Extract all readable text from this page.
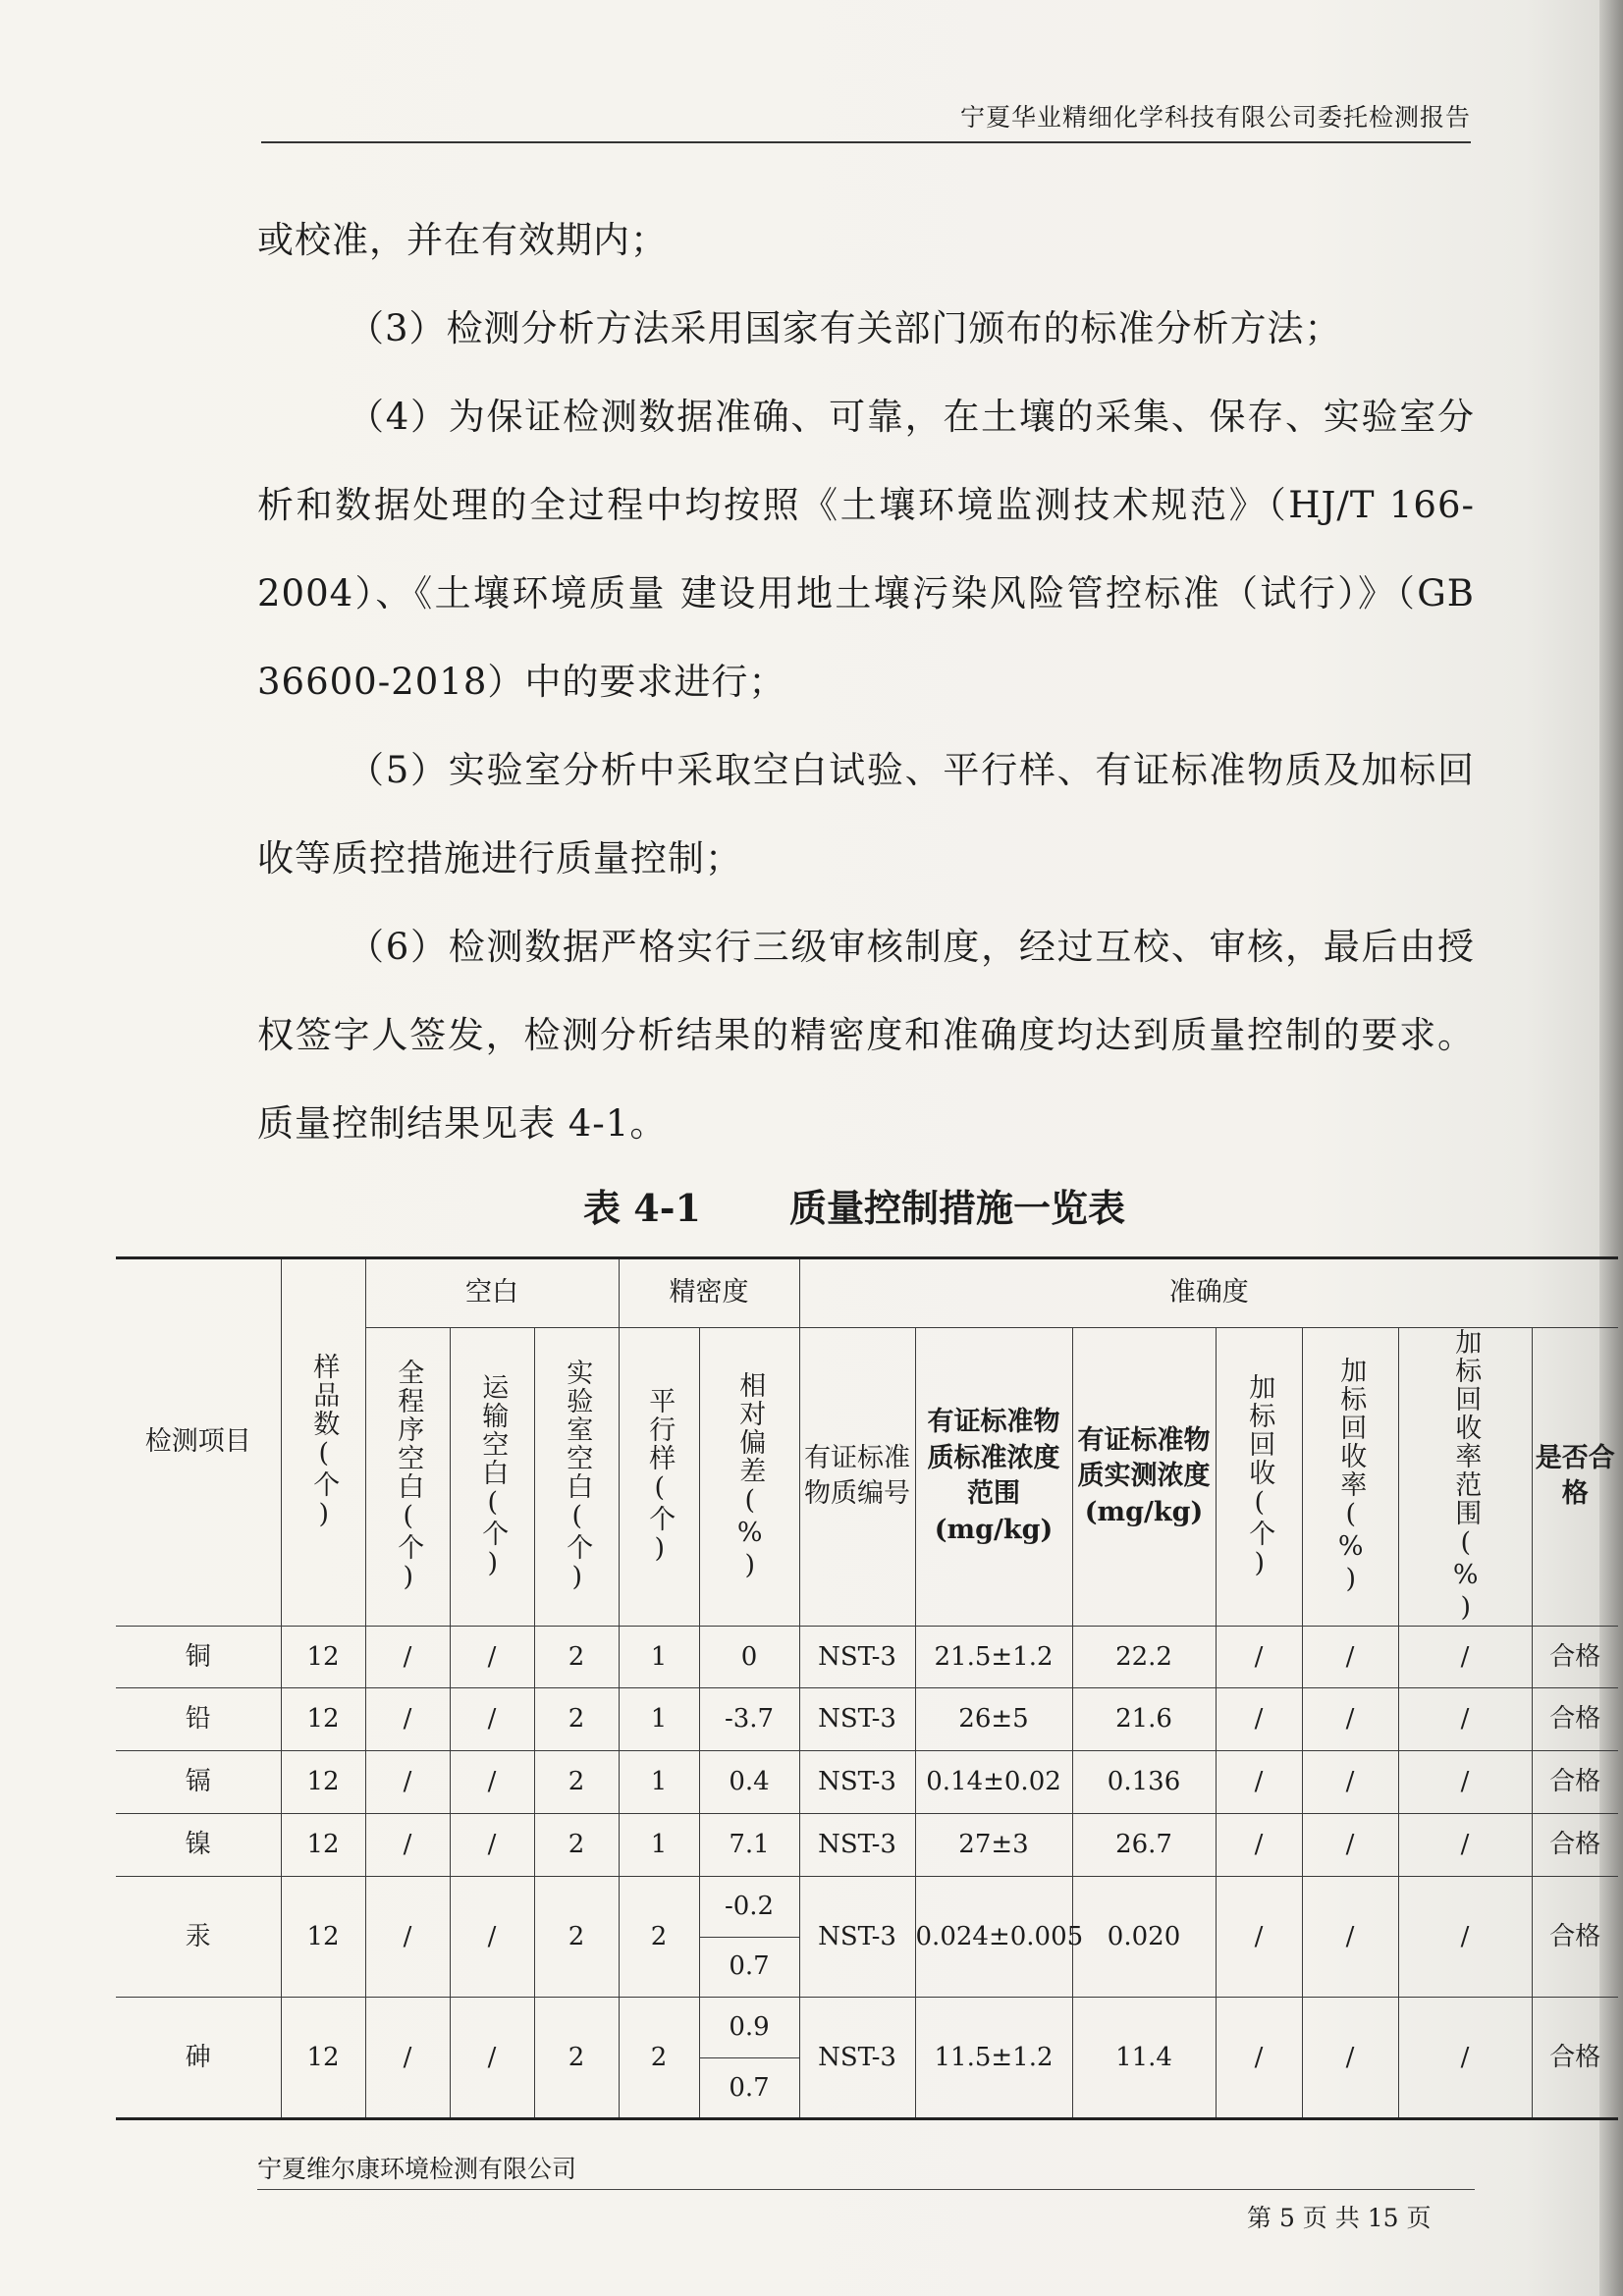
宁夏华业精细化学科技有限公司委托检测报告

或校准，并在有效期内；

（3）检测分析方法采用国家有关部门颁布的标准分析方法；

（4）为保证检测数据准确、可靠，在土壤的采集、保存、实验室分析和数据处理的全过程中均按照《土壤环境监测技术规范》（HJ/T 166-2004）、《土壤环境质量 建设用地土壤污染风险管控标准（试行）》（GB 36600-2018）中的要求进行；

（5）实验室分析中采取空白试验、平行样、有证标准物质及加标回收等质控措施进行质量控制；

（6）检测数据严格实行三级审核制度，经过互校、审核，最后由授权签字人签发，检测分析结果的精密度和准确度均达到质量控制的要求。质量控制结果见表 4-1。

表 4-1 质量控制措施一览表
检测项目	样品数(个)	空白			精密度		准确度						

		全程序空白(个)	运输空白(个)	实验室空白(个)	平行样(个)	相对偏差(%)	有证标准物质编号	有证标准物质标准浓度范围(mg/kg)	有证标准物质实测浓度(mg/kg)	加标回收(个)	加标回收率(%)	加标回收率范围(%)	是否合格
铜	12	/	/	2	1	0	NST-3	21.5±1.2	22.2	/	/	/	合格
铅	12	/	/	2	1	-3.7	NST-3	26±5	21.6	/	/	/	合格
镉	12	/	/	2	1	0.4	NST-3	0.14±0.02	0.136	/	/	/	合格
镍	12	/	/	2	1	7.1	NST-3	27±3	26.7	/	/	/	合格
汞	12	/	/	2	2	-0.2	NST-3	0.024±0.005	0.020	/	/	/	合格
						0.7							
砷	12	/	/	2	2	0.9	NST-3	11.5±1.2	11.4	/	/	/	合格
						0.7							
宁夏维尔康环境检测有限公司
第 5 页 共 15 页
